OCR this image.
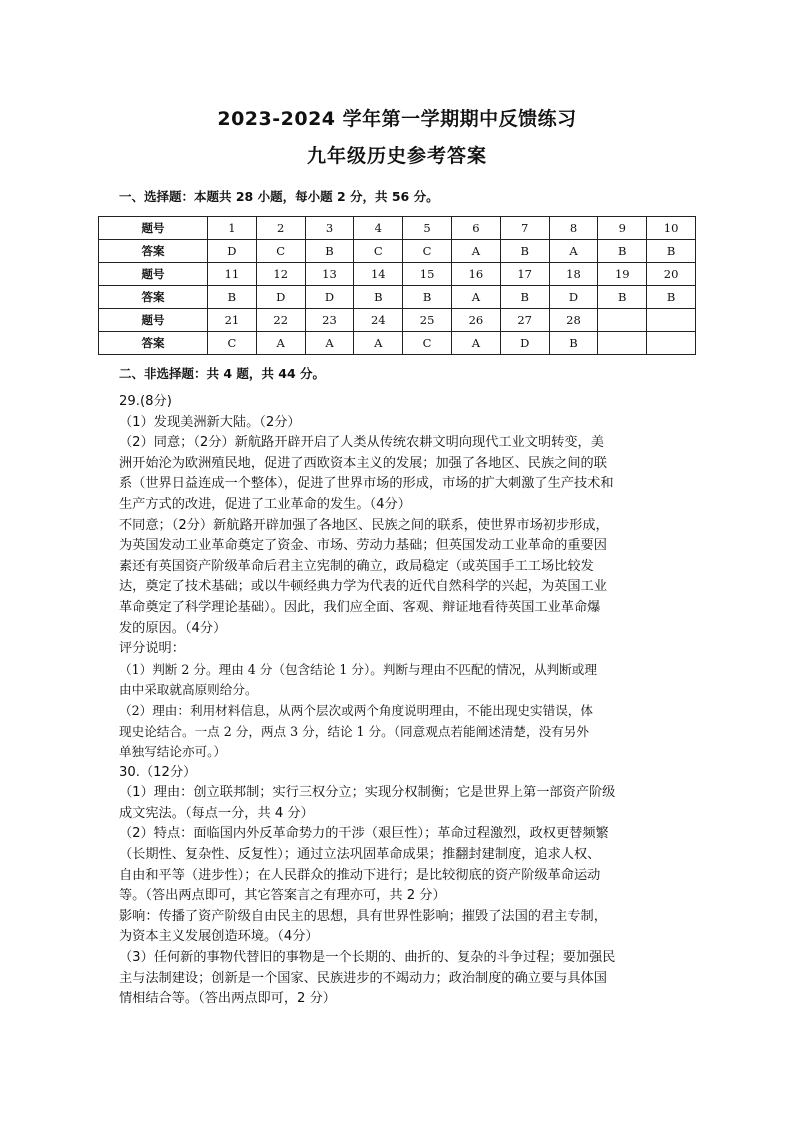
2023-2024 学年第一学期期中反馈练习
九年级历史参考答案
一、选择题：本题共 28 小题，每小题 2 分，共 56 分。
题号	1	2	3	4	5	6	7	8	9	10
答案	D	C	B	C	C	A	B	A	B	B
题号	11	12	13	14	15	16	17	18	19	20
答案	B	D	D	B	B	A	B	D	B	B
题号	21	22	23	24	25	26	27	28		
答案	C	A	A	A	C	A	D	B		
二、非选择题：共 4 题，共 44 分。

29.(8分)

（1）发现美洲新大陆。（2分）

（2）同意；（2分）新航路开辟开启了人类从传统农耕文明向现代工业文明转变，美

洲开始沦为欧洲殖民地，促进了西欧资本主义的发展；加强了各地区、民族之间的联

系（世界日益连成一个整体），促进了世界市场的形成，市场的扩大刺激了生产技术和

生产方式的改进，促进了工业革命的发生。（4分）

不同意；（2分）新航路开辟加强了各地区、民族之间的联系，使世界市场初步形成，

为英国发动工业革命奠定了资金、市场、劳动力基础；但英国发动工业革命的重要因

素还有英国资产阶级革命后君主立宪制的确立，政局稳定（或英国手工工场比较发

达，奠定了技术基础；或以牛顿经典力学为代表的近代自然科学的兴起，为英国工业

革命奠定了科学理论基础）。因此，我们应全面、客观、辩证地看待英国工业革命爆

发的原因。（4分）

评分说明：

（1）判断 2 分。理由 4 分（包含结论 1 分）。判断与理由不匹配的情况，从判断或理

由中采取就高原则给分。

（2）理由：利用材料信息，从两个层次或两个角度说明理由，不能出现史实错误，体

现史论结合。一点 2 分，两点 3 分，结论 1 分。（同意观点若能阐述清楚，没有另外

单独写结论亦可。）

30.（12分）

（1）理由：创立联邦制；实行三权分立；实现分权制衡；它是世界上第一部资产阶级

成文宪法。（每点一分，共 4 分）

（2）特点：面临国内外反革命势力的干涉（艰巨性）；革命过程激烈，政权更替频繁

（长期性、复杂性、反复性）；通过立法巩固革命成果；推翻封建制度，追求人权、

自由和平等（进步性）；在人民群众的推动下进行；是比较彻底的资产阶级革命运动

等。（答出两点即可，其它答案言之有理亦可，共 2 分）

影响：传播了资产阶级自由民主的思想，具有世界性影响；摧毁了法国的君主专制，

为资本主义发展创造环境。（4分）

（3）任何新的事物代替旧的事物是一个长期的、曲折的、复杂的斗争过程；要加强民

主与法制建设；创新是一个国家、民族进步的不竭动力；政治制度的确立要与具体国

情相结合等。（答出两点即可，2 分）
